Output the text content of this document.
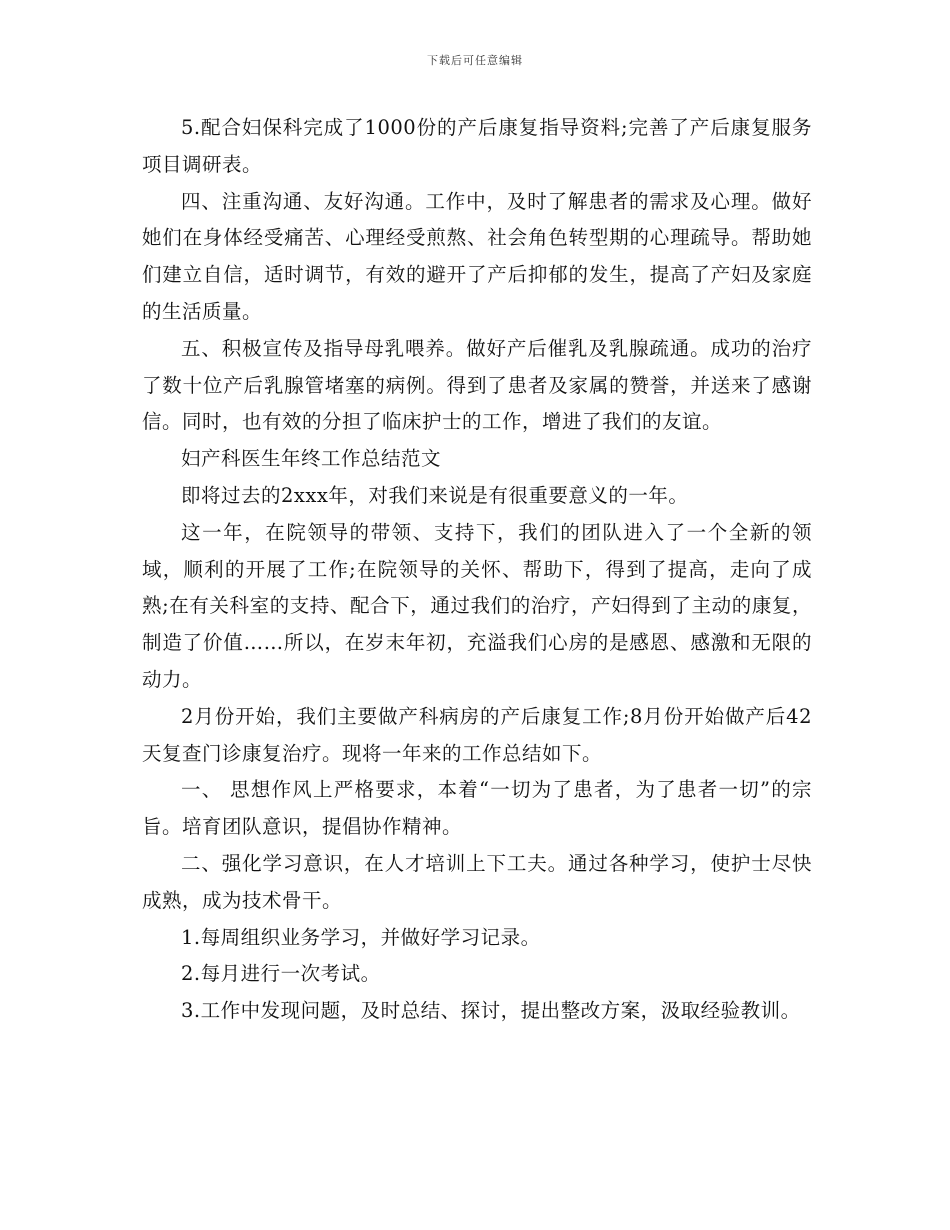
下载后可任意编辑

5.配合妇保科完成了1000份的产后康复指导资料;完善了产后康复服务项目调研表。

四、注重沟通、友好沟通。工作中，及时了解患者的需求及心理。做好她们在身体经受痛苦、心理经受煎熬、社会角色转型期的心理疏导。帮助她们建立自信，适时调节，有效的避开了产后抑郁的发生，提高了产妇及家庭的生活质量。

五、积极宣传及指导母乳喂养。做好产后催乳及乳腺疏通。成功的治疗了数十位产后乳腺管堵塞的病例。得到了患者及家属的赞誉，并送来了感谢信。同时，也有效的分担了临床护士的工作，增进了我们的友谊。

妇产科医生年终工作总结范文

即将过去的2xxx年，对我们来说是有很重要意义的一年。

这一年，在院领导的带领、支持下，我们的团队进入了一个全新的领域，顺利的开展了工作;在院领导的关怀、帮助下，得到了提高，走向了成熟;在有关科室的支持、配合下，通过我们的治疗，产妇得到了主动的康复，制造了价值……所以，在岁末年初，充溢我们心房的是感恩、感激和无限的动力。

2月份开始，我们主要做产科病房的产后康复工作;8月份开始做产后42天复查门诊康复治疗。现将一年来的工作总结如下。

一、 思想作风上严格要求，本着“一切为了患者，为了患者一切”的宗旨。培育团队意识，提倡协作精神。

二、强化学习意识，在人才培训上下工夫。通过各种学习，使护士尽快成熟，成为技术骨干。

1.每周组织业务学习，并做好学习记录。

2.每月进行一次考试。

3.工作中发现问题，及时总结、探讨，提出整改方案，汲取经验教训。
